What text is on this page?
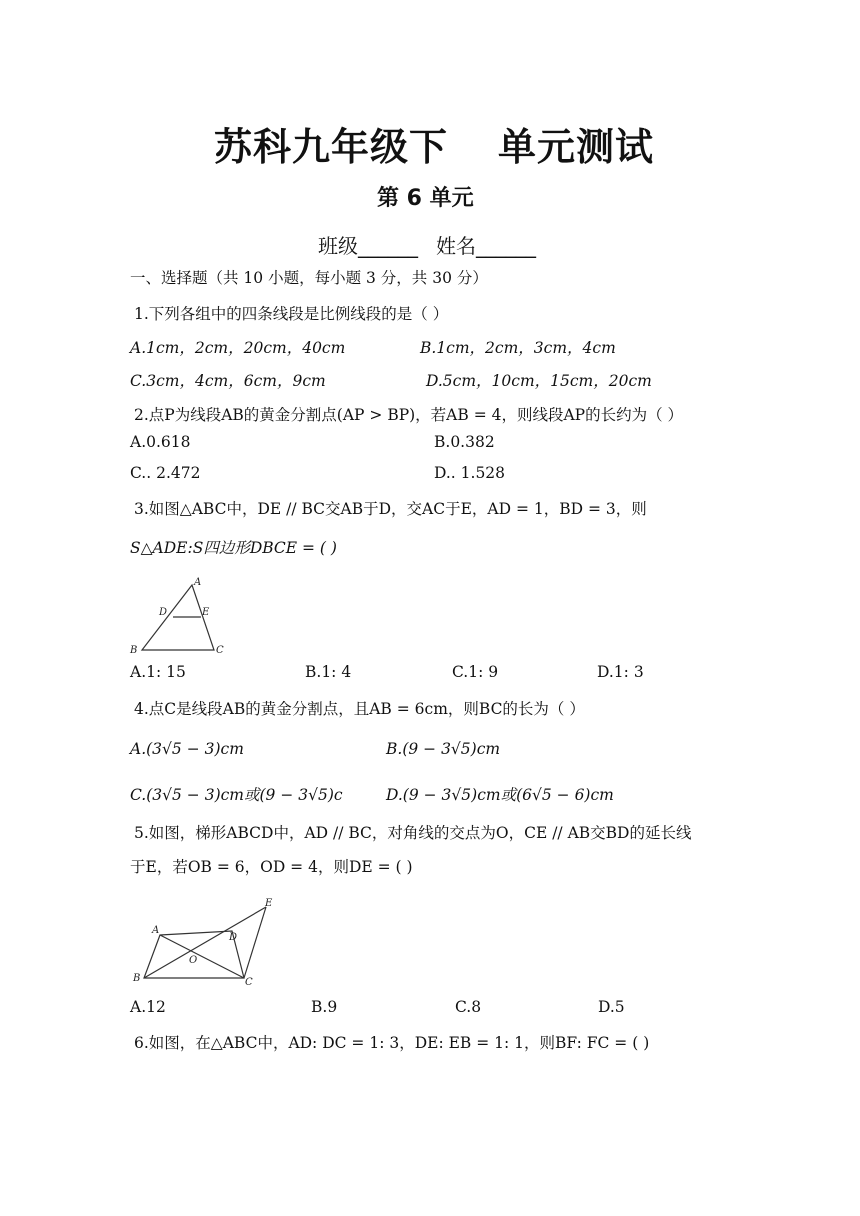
苏科九年级下 单元测试
第 6 单元
班级______ 姓名______
一、选择题（共 10 小题，每小题 3 分，共 30 分）
1.下列各组中的四条线段是比例线段的是（ ）
A.1cm，2cm，20cm，40cm	B.1cm，2cm，3cm，4cm
C.3cm，4cm，6cm，9cm	D.5cm，10cm，15cm，20cm
2.点P为线段AB的黄金分割点(AP > BP)，若AB = 4，则线段AP的长约为（ ）
A.0.618	B.0.382
C.. 2.472	D.. 1.528
3.如图△ABC中，DE // BC交AB于D，交AC于E，AD = 1，BD = 3，则
S△ADE:S四边形DBCE = ( )
A
D	E
B	C
A.1: 15	B.1: 4	C.1: 9	D.1: 3
4.点C是线段AB的黄金分割点，且AB = 6cm，则BC的长为（ ）
A.(3√5 − 3)cm	B.(9 − 3√5)cm
C.(3√5 − 3)cm或(9 − 3√5)c	D.(9 − 3√5)cm或(6√5 − 6)cm
5.如图，梯形ABCD中，AD // BC，对角线的交点为O，CE // AB交BD的延长线
于E，若OB = 6，OD = 4，则DE = ( )
A
D
E
O
B	C
A.12	B.9	C.8	D.5
6.如图，在△ABC中，AD: DC = 1: 3，DE: EB = 1: 1，则BF: FC = ( )
